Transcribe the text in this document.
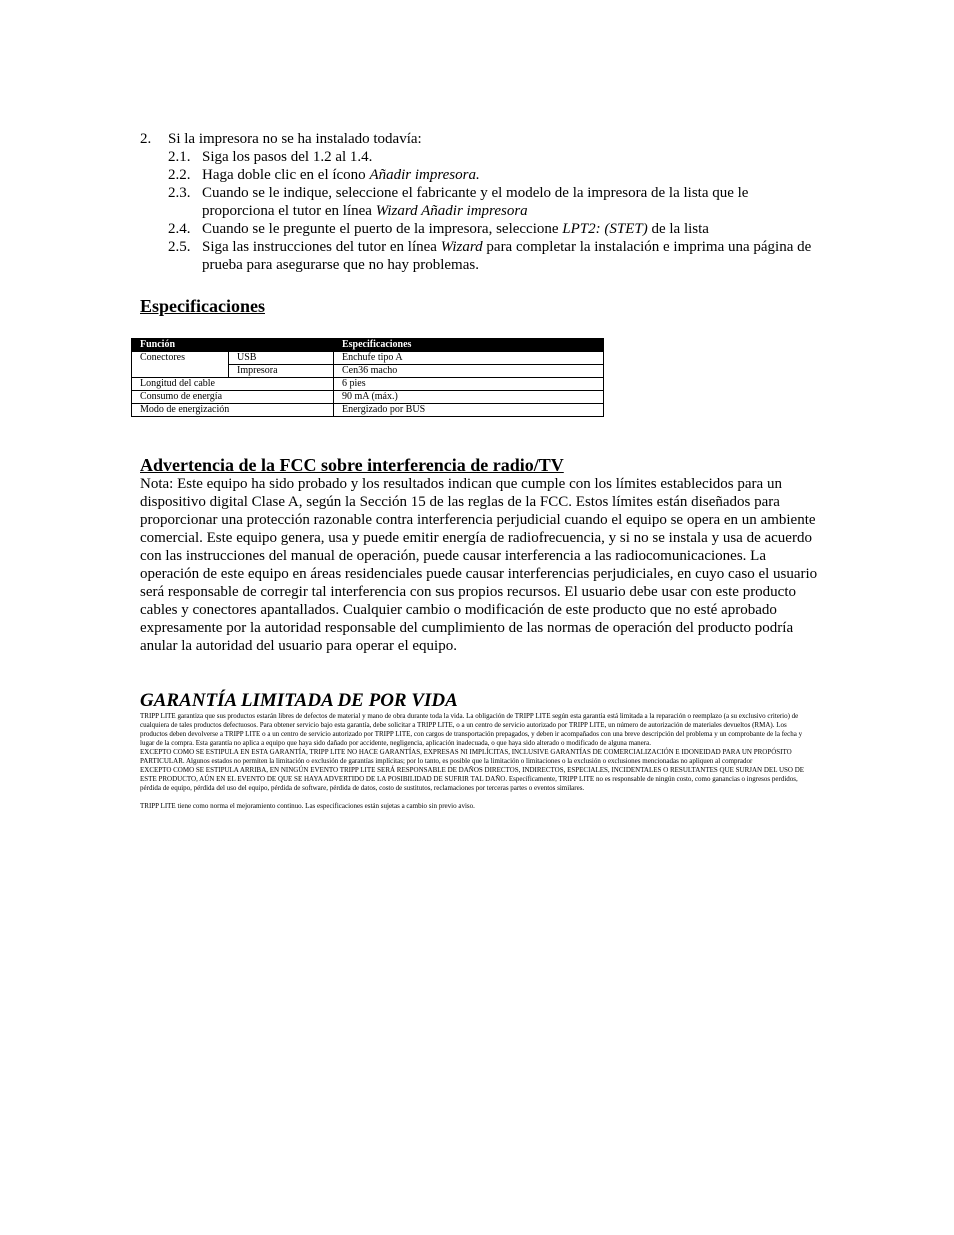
2.	Si la impresora no se ha instalado todavía:
2.1. Siga los pasos del 1.2 al 1.4.
2.2. Haga doble clic en el ícono Añadir impresora.
2.3. Cuando se le indique, seleccione el fabricante y el modelo de la impresora de la lista que le proporciona el tutor en línea Wizard Añadir impresora
2.4. Cuando se le pregunte el puerto de la impresora, seleccione LPT2: (STET) de la lista
2.5. Siga las instrucciones del tutor en línea Wizard para completar la instalación e imprima una página de prueba para asegurarse que no hay problemas.
Especificaciones
Función		Especificaciones
Conectores	USB	Enchufe tipo A
	Impresora	Cen36 macho
Longitud del cable		6 pies
Consumo de energía		90 mA (máx.)
Modo de energización		Energizado por BUS
Advertencia de la FCC sobre interferencia de radio/TV
Nota: Este equipo ha sido probado y los resultados indican que cumple con los límites establecidos para un dispositivo digital Clase A, según la Sección 15 de las reglas de la FCC. Estos límites están diseñados para proporcionar una protección razonable contra interferencia perjudicial cuando el equipo se opera en un ambiente comercial. Este equipo genera, usa y puede emitir energía de radiofrecuencia, y si no se instala y usa de acuerdo con las instrucciones del manual de operación, puede causar interferencia a las radiocomunicaciones. La operación de este equipo en áreas residenciales puede causar interferencias perjudiciales, en cuyo caso el usuario será responsable de corregir tal interferencia con sus propios recursos. El usuario debe usar con este producto cables y conectores apantallados. Cualquier cambio o modificación de este producto que no esté aprobado expresamente por la autoridad responsable del cumplimiento de las normas de operación del producto podría anular la autoridad del usuario para operar el equipo.
GARANTÍA LIMITADA DE POR VIDA

TRIPP LITE garantiza que sus productos estarán libres de defectos de material y mano de obra durante toda la vida. La obligación de TRIPP LITE según esta garantía está limitada a la reparación o reemplazo (a su exclusivo criterio) de cualquiera de tales productos defectuosos. Para obtener servicio bajo esta garantía, debe solicitar a TRIPP LITE, o a un centro de servicio autorizado por TRIPP LITE, un número de autorización de materiales devueltos (RMA). Los productos deben devolverse a TRIPP LITE o a un centro de servicio autorizado por TRIPP LITE, con cargos de transportación prepagados, y deben ir acompañados con una breve descripción del problema y un comprobante de la fecha y lugar de la compra. Esta garantía no aplica a equipo que haya sido dañado por accidente, negligencia, aplicación inadecuada, o que haya sido alterado o modificado de alguna manera.

EXCEPTO COMO SE ESTIPULA EN ESTA GARANTÍA, TRIPP LITE NO HACE GARANTÍAS, EXPRESAS NI IMPLÍCITAS, INCLUSIVE GARANTÍAS DE COMERCIALIZACIÓN E IDONEIDAD PARA UN PROPÓSITO PARTICULAR. Algunos estados no permiten la limitación o exclusión de garantías implícitas; por lo tanto, es posible que la limitación o limitaciones o la exclusión o exclusiones mencionadas no apliquen al comprador

EXCEPTO COMO SE ESTIPULA ARRIBA, EN NINGÚN EVENTO TRIPP LITE SERÁ RESPONSABLE DE DAÑOS DIRECTOS, INDIRECTOS, ESPECIALES, INCIDENTALES O RESULTANTES QUE SURJAN DEL USO DE ESTE PRODUCTO, AÚN EN EL EVENTO DE QUE SE HAYA ADVERTIDO DE LA POSIBILIDAD DE SUFRIR TAL DAÑO. Específicamente, TRIPP LITE no es responsable de ningún costo, como ganancias o ingresos perdidos, pérdida de equipo, pérdida del uso del equipo, pérdida de software, pérdida de datos, costo de sustitutos, reclamaciones por terceras partes o eventos similares.

TRIPP LITE tiene como norma el mejoramiento continuo. Las especificaciones están sujetas a cambio sin previo aviso.
